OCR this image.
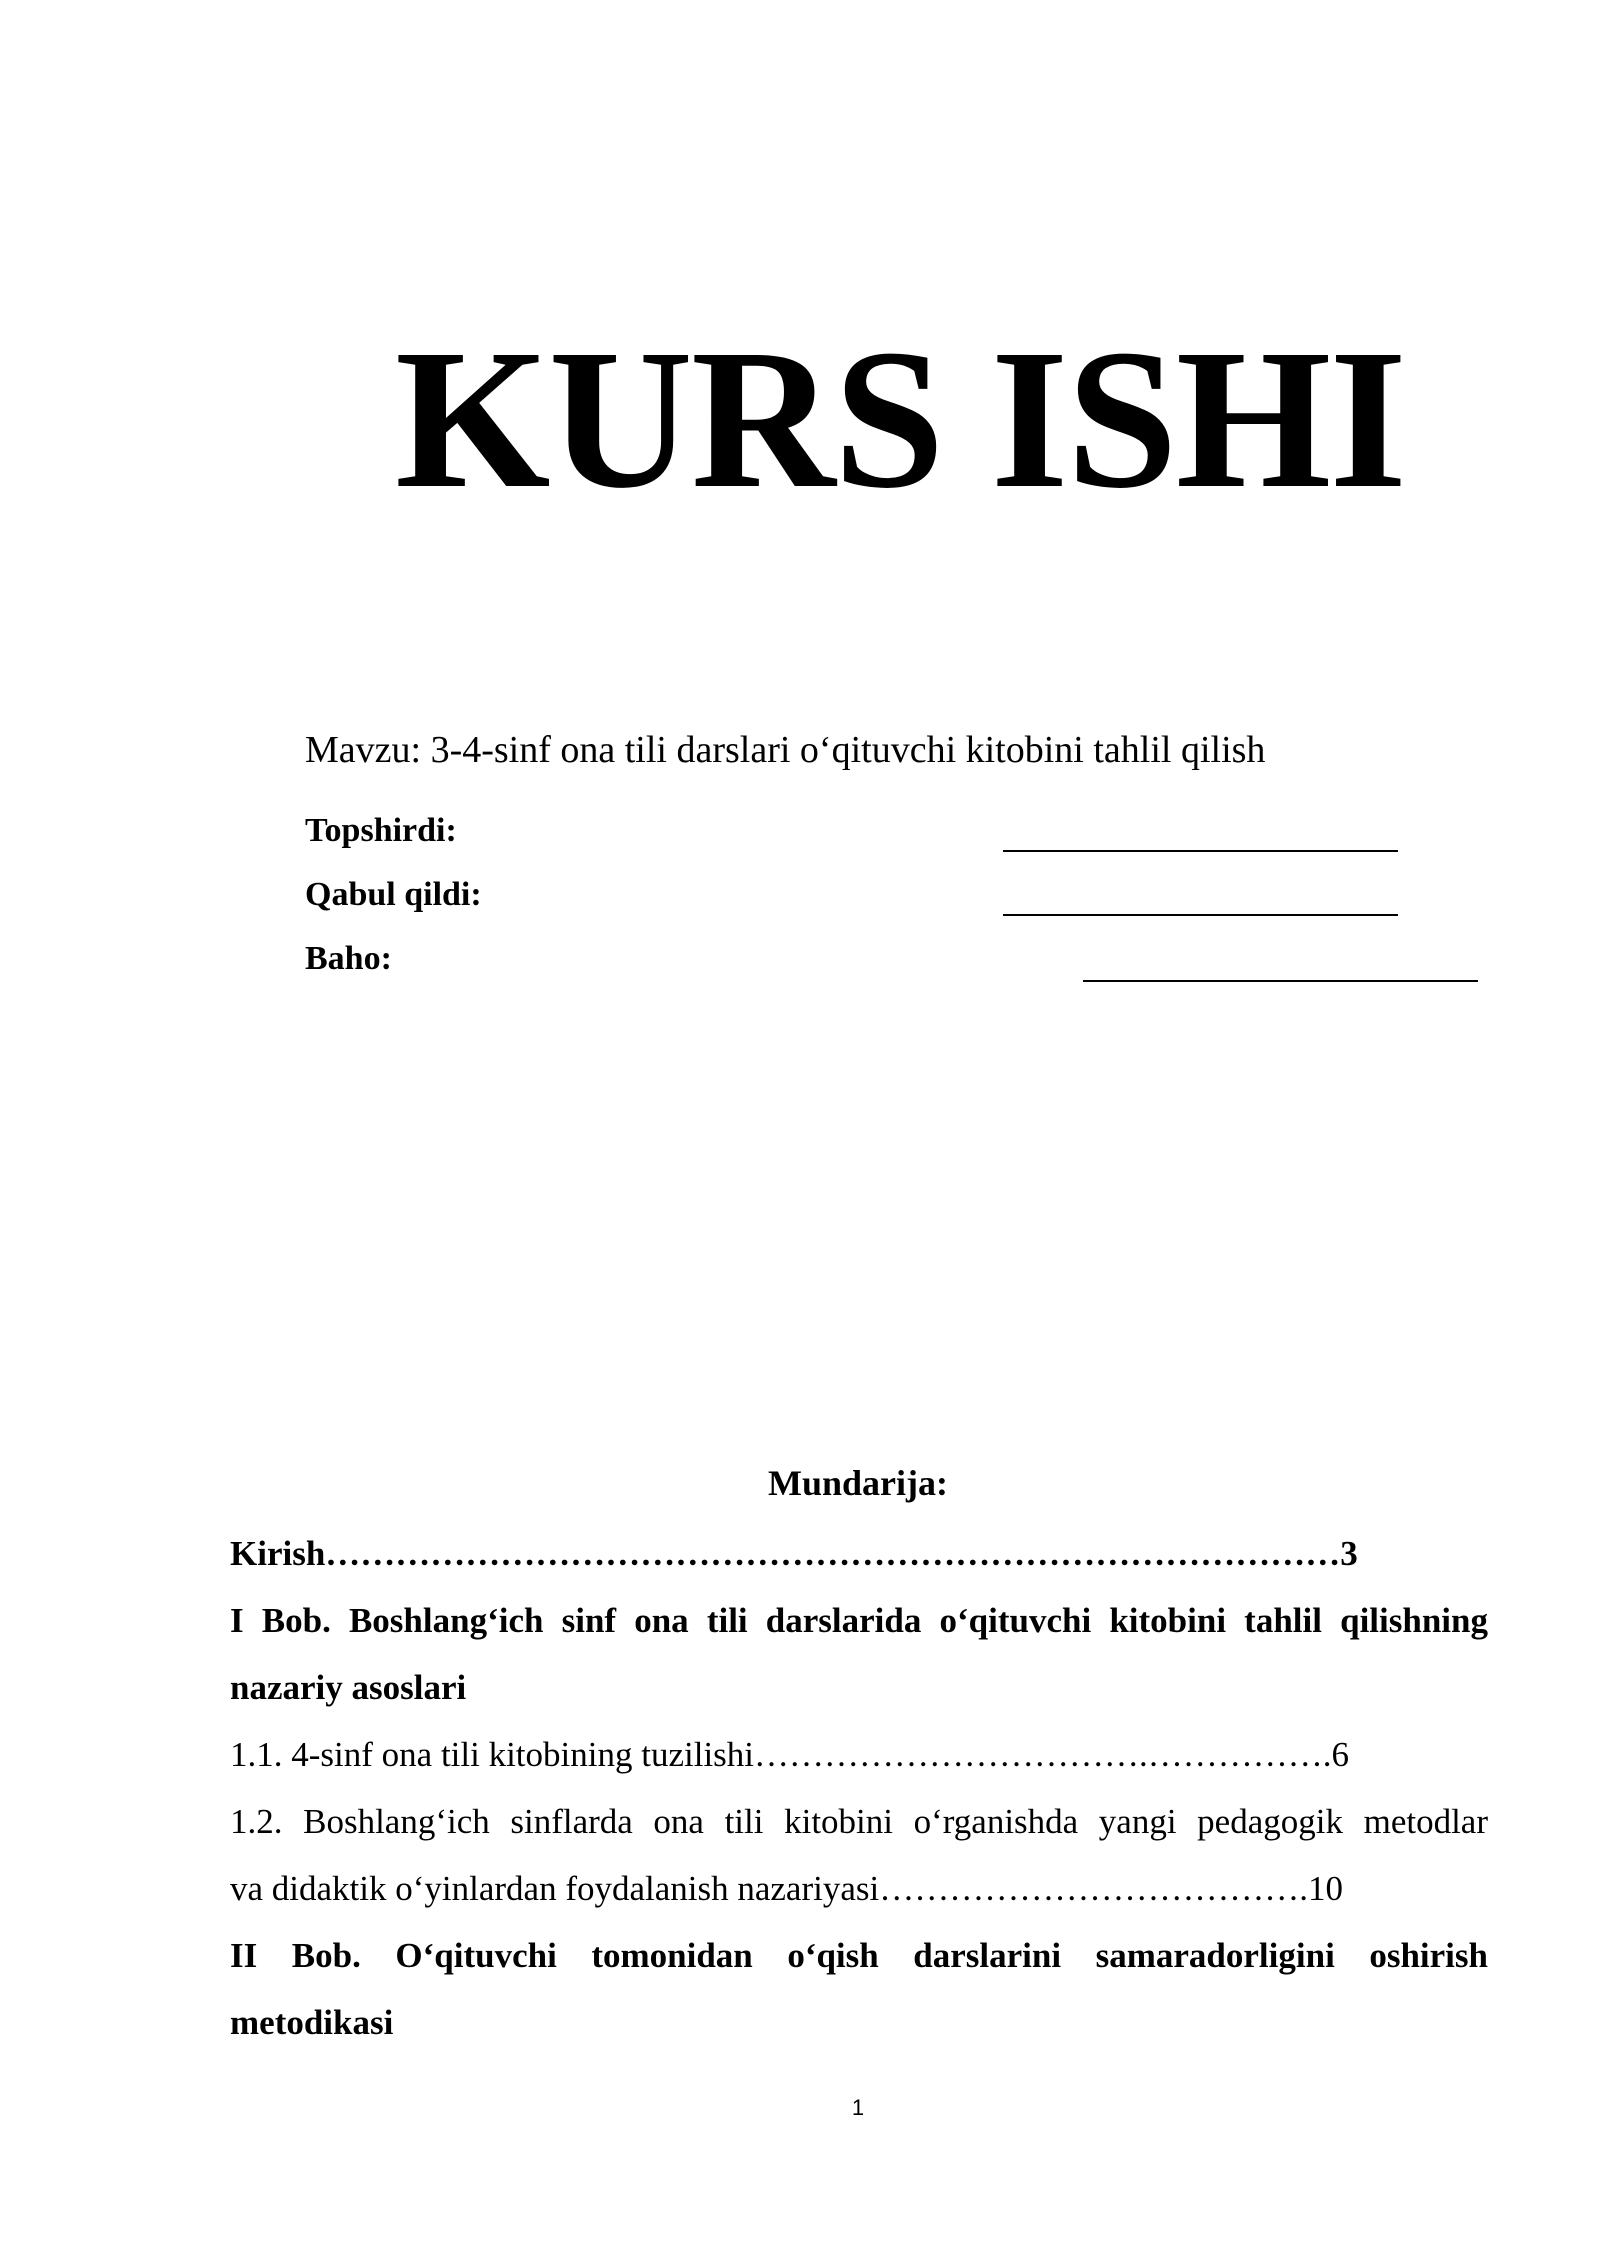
KURS ISHI
Mavzu: 3-4-sinf ona tili darslari o‘qituvchi kitobini tahlil qilish
Topshirdi:
Qabul qildi:
Baho:
Mundarija:
Kirish……………………………………………………………………………3
I Bob. Boshlang‘ich sinf ona tili darslarida o‘qituvchi kitobini tahlil qilishning
nazariy asoslari
1.1. 4-sinf ona tili kitobining tuzilishi…………………………….…………….6
1.2. Boshlang‘ich sinflarda ona tili kitobini o‘rganishda yangi pedagogik metodlar
va didaktik o‘yinlardan foydalanish nazariyasi……………………………….10
II Bob. O‘qituvchi tomonidan o‘qish darslarini samaradorligini oshirish
metodikasi
1
